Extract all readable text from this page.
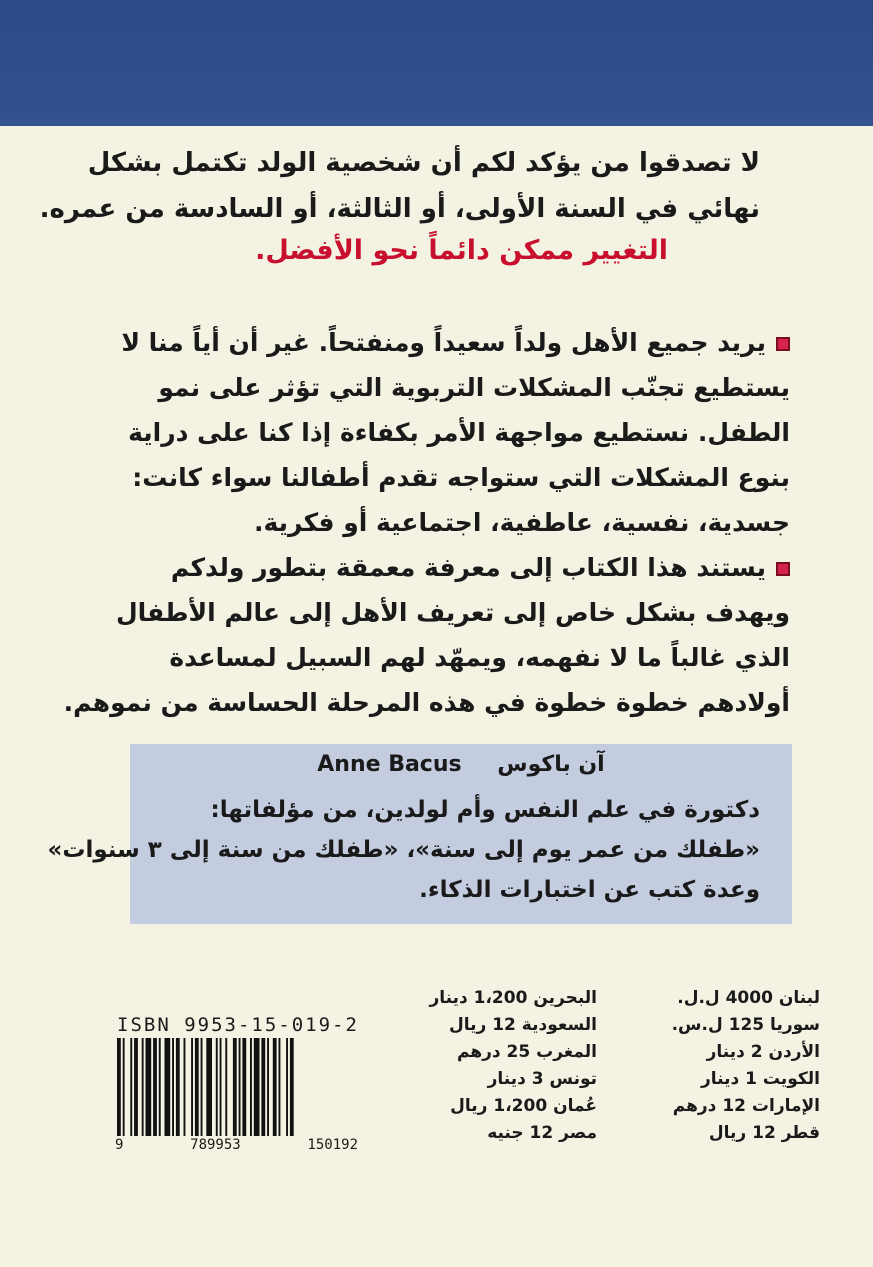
لا تصدقوا من يؤكد لكم أن شخصية الولد تكتمل بشكل
نهائي في السنة الأولى، أو الثالثة، أو السادسة من عمره.
التغيير ممكن دائماً نحو الأفضل.
يريد جميع الأهل ولداً سعيداً ومنفتحاً. غير أن أياً منا لا
يستطيع تجنّب المشكلات التربوية التي تؤثر على نمو
الطفل. نستطيع مواجهة الأمر بكفاءة إذا كنا على دراية
بنوع المشكلات التي ستواجه تقدم أطفالنا سواء كانت:
جسدية، نفسية، عاطفية، اجتماعية أو فكرية.
يستند هذا الكتاب إلى معرفة معمقة بتطور ولدكم
ويهدف بشكل خاص إلى تعريف الأهل إلى عالم الأطفال
الذي غالباً ما لا نفهمه، ويمهّد لهم السبيل لمساعدة
أولادهم خطوة خطوة في هذه المرحلة الحساسة من نموهم.
Anne Bacus آن باكوس
دكتورة في علم النفس وأم لولدين، من مؤلفاتها:
«طفلك من عمر يوم إلى سنة»، «طفلك من سنة إلى ٣ سنوات»
وعدة كتب عن اختبارات الذكاء.
ISBN 9953-15-019-2
9	789953	150192
البحرين 1،200 دينار
السعودية 12 ريال
المغرب 25 درهم
تونس 3 دينار
عُمان 1،200 ريال
مصر 12 جنيه
لبنان 4000 ل.ل.
سوريا 125 ل.س.
الأردن 2 دينار
الكويت 1 دينار
الإمارات 12 درهم
قطر 12 ريال
